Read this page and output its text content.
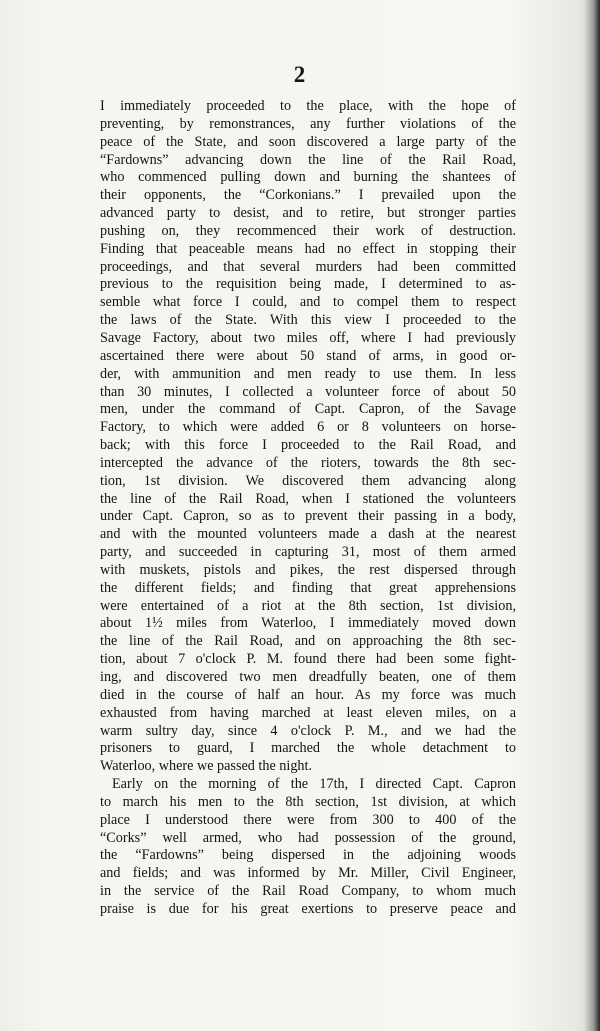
2
I immediately proceeded to the place, with the hope of
preventing, by remonstrances, any further violations of the
peace of the State, and soon discovered a large party of the
“Fardowns” advancing down the line of the Rail Road,
who commenced pulling down and burning the shantees of
their opponents, the “Corkonians.” I prevailed upon the
advanced party to desist, and to retire, but stronger parties
pushing on, they recommenced their work of destruction.
Finding that peaceable means had no effect in stopping their
proceedings, and that several murders had been committed
previous to the requisition being made, I determined to as-
semble what force I could, and to compel them to respect
the laws of the State. With this view I proceeded to the
Savage Factory, about two miles off, where I had previously
ascertained there were about 50 stand of arms, in good or-
der, with ammunition and men ready to use them. In less
than 30 minutes, I collected a volunteer force of about 50
men, under the command of Capt. Capron, of the Savage
Factory, to which were added 6 or 8 volunteers on horse-
back; with this force I proceeded to the Rail Road, and
intercepted the advance of the rioters, towards the 8th sec-
tion, 1st division. We discovered them advancing along
the line of the Rail Road, when I stationed the volunteers
under Capt. Capron, so as to prevent their passing in a body,
and with the mounted volunteers made a dash at the nearest
party, and succeeded in capturing 31, most of them armed
with muskets, pistols and pikes, the rest dispersed through
the different fields; and finding that great apprehensions
were entertained of a riot at the 8th section, 1st division,
about 1½ miles from Waterloo, I immediately moved down
the line of the Rail Road, and on approaching the 8th sec-
tion, about 7 o'clock P. M. found there had been some fight-
ing, and discovered two men dreadfully beaten, one of them
died in the course of half an hour. As my force was much
exhausted from having marched at least eleven miles, on a
warm sultry day, since 4 o'clock P. M., and we had the
prisoners to guard, I marched the whole detachment to
Waterloo, where we passed the night.
Early on the morning of the 17th, I directed Capt. Capron
to march his men to the 8th section, 1st division, at which
place I understood there were from 300 to 400 of the
“Corks” well armed, who had possession of the ground,
the “Fardowns” being dispersed in the adjoining woods
and fields; and was informed by Mr. Miller, Civil Engineer,
in the service of the Rail Road Company, to whom much
praise is due for his great exertions to preserve peace and
